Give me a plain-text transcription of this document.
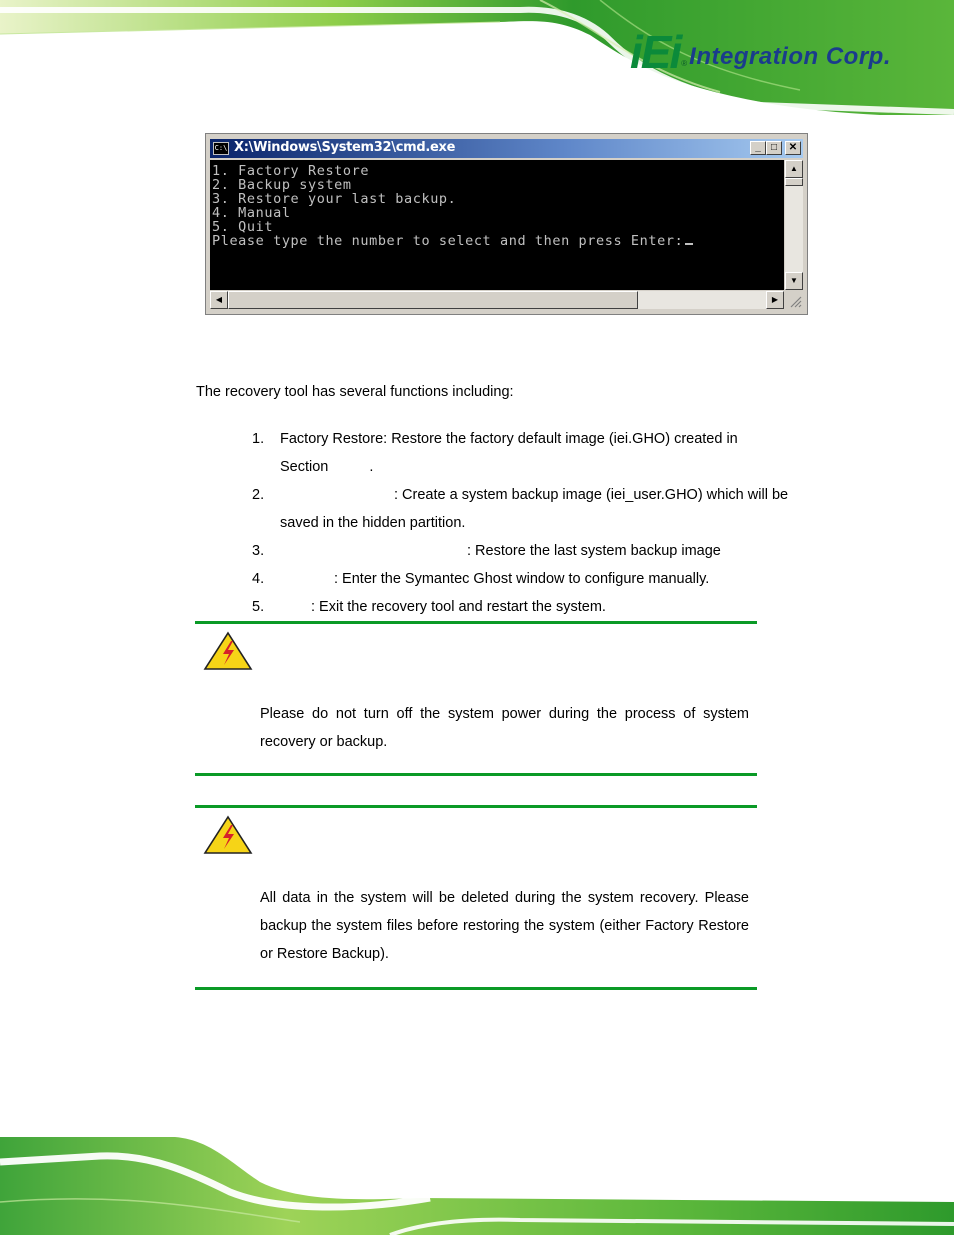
iEi ® Integration Corp.
C:\ X:\Windows\System32\cmd.exe	_	□	✕
1. Factory Restore
2. Backup system
3. Restore your last backup.
4. Manual
5. Quit
Please type the number to select and then press Enter:
▲
▼
◀	▶
The recovery tool has several functions including:
1. Factory Restore: Restore the factory default image (iei.GHO) created in
Section	.
2.	: Create a system backup image (iei_user.GHO) which will be
saved in the hidden partition.
3.	: Restore the last system backup image
4.	: Enter the Symantec Ghost window to configure manually.
5.	: Exit the recovery tool and restart the system.
Please do not turn off the system power during the process of system recovery or backup.
All data in the system will be deleted during the system recovery. Please backup the system files before restoring the system (either Factory Restore or Restore Backup).
